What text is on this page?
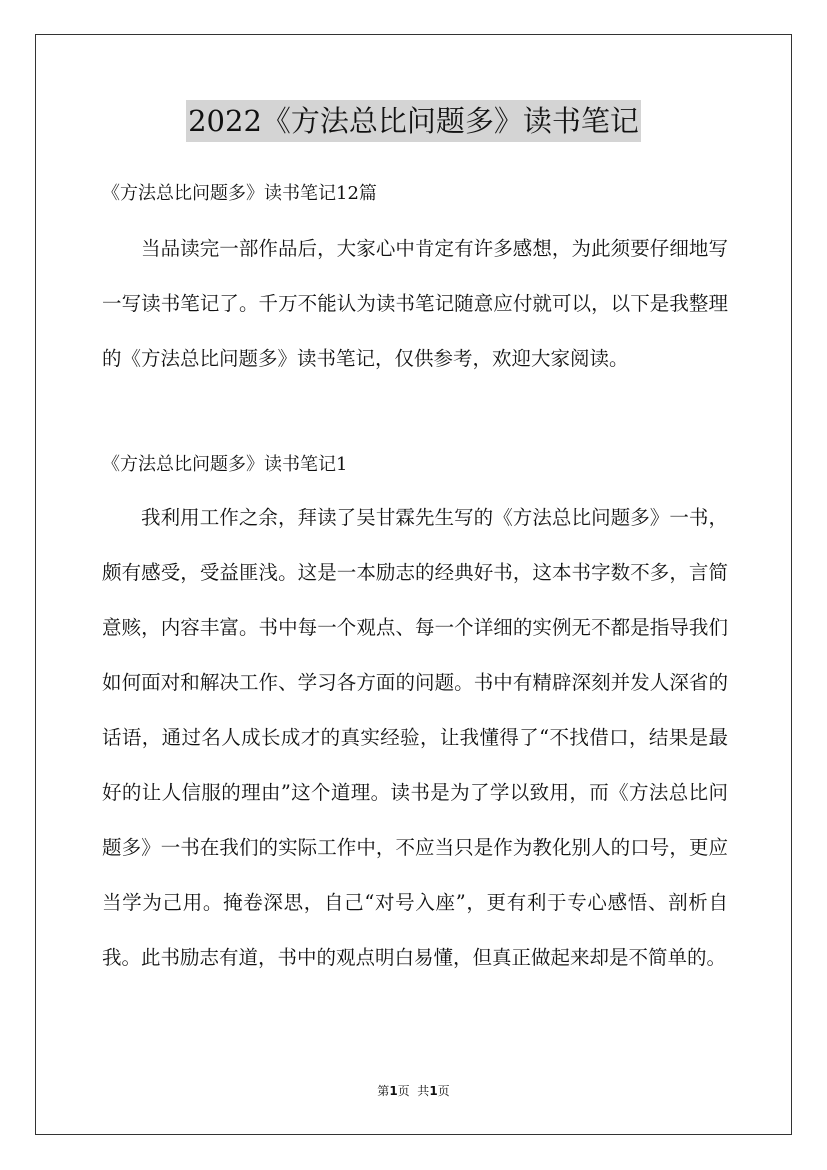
2022《方法总比问题多》读书笔记
《方法总比问题多》读书笔记12篇

当品读完一部作品后，大家心中肯定有许多感想，为此须要仔细地写一写读书笔记了。千万不能认为读书笔记随意应付就可以，以下是我整理的《方法总比问题多》读书笔记，仅供参考，欢迎大家阅读。

《方法总比问题多》读书笔记1

我利用工作之余，拜读了吴甘霖先生写的《方法总比问题多》一书，颇有感受，受益匪浅。这是一本励志的经典好书，这本书字数不多，言简意赅，内容丰富。书中每一个观点、每一个详细的实例无不都是指导我们如何面对和解决工作、学习各方面的问题。书中有精辟深刻并发人深省的话语，通过名人成长成才的真实经验，让我懂得了“不找借口，结果是最好的让人信服的理由”这个道理。读书是为了学以致用，而《方法总比问题多》一书在我们的实际工作中，不应当只是作为教化别人的口号，更应当学为己用。掩卷深思，自己“对号入座”，更有利于专心感悟、剖析自我。此书励志有道，书中的观点明白易懂，但真正做起来却是不简单的。

第1页  共1页
